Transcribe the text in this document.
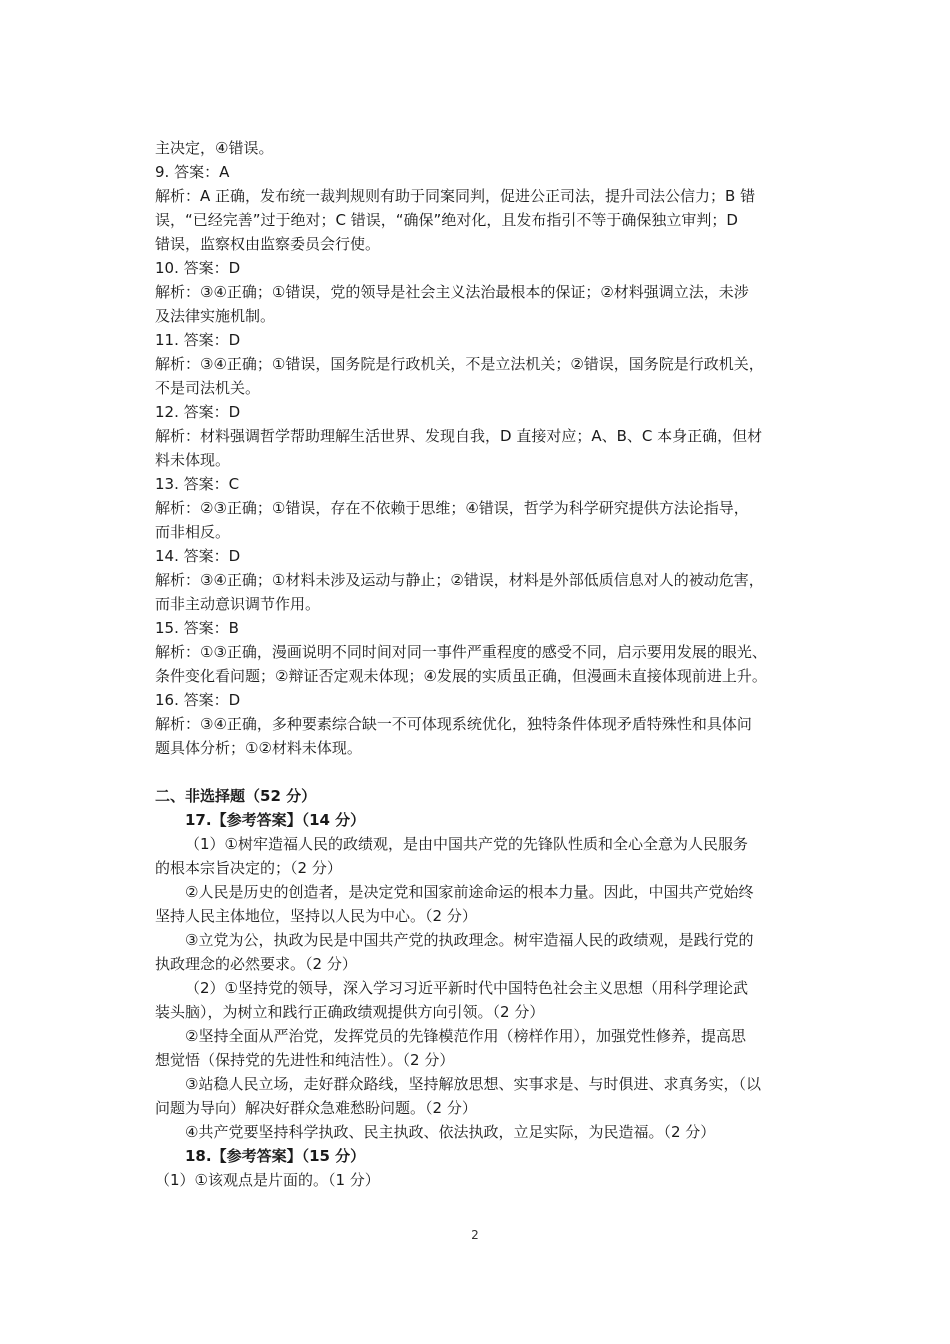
主决定，④错误。
9. 答案：A
解析：A 正确，发布统一裁判规则有助于同案同判，促进公正司法，提升司法公信力；B 错
误，“已经完善”过于绝对；C 错误，“确保”绝对化，且发布指引不等于确保独立审判；D
错误，监察权由监察委员会行使。
10. 答案：D
解析：③④正确；①错误，党的领导是社会主义法治最根本的保证；②材料强调立法，未涉
及法律实施机制。
11. 答案：D
解析：③④正确；①错误，国务院是行政机关，不是立法机关；②错误，国务院是行政机关，
不是司法机关。
12. 答案：D
解析：材料强调哲学帮助理解生活世界、发现自我，D 直接对应；A、B、C 本身正确，但材
料未体现。
13. 答案：C
解析：②③正确；①错误，存在不依赖于思维；④错误，哲学为科学研究提供方法论指导，
而非相反。
14. 答案：D
解析：③④正确；①材料未涉及运动与静止；②错误，材料是外部低质信息对人的被动危害，
而非主动意识调节作用。
15. 答案：B
解析：①③正确，漫画说明不同时间对同一事件严重程度的感受不同，启示要用发展的眼光、
条件变化看问题；②辩证否定观未体现；④发展的实质虽正确，但漫画未直接体现前进上升。
16. 答案：D
解析：③④正确，多种要素综合缺一不可体现系统优化，独特条件体现矛盾特殊性和具体问
题具体分析；①②材料未体现。
二、非选择题（52 分）
17.【参考答案】（14 分）
（1）①树牢造福人民的政绩观，是由中国共产党的先锋队性质和全心全意为人民服务
的根本宗旨决定的；（2 分）
②人民是历史的创造者，是决定党和国家前途命运的根本力量。因此，中国共产党始终
坚持人民主体地位，坚持以人民为中心。（2 分）
③立党为公，执政为民是中国共产党的执政理念。树牢造福人民的政绩观，是践行党的
执政理念的必然要求。（2 分）
（2）①坚持党的领导，深入学习习近平新时代中国特色社会主义思想（用科学理论武
装头脑），为树立和践行正确政绩观提供方向引领。（2 分）
②坚持全面从严治党，发挥党员的先锋模范作用（榜样作用），加强党性修养，提高思
想觉悟（保持党的先进性和纯洁性）。（2 分）
③站稳人民立场，走好群众路线，坚持解放思想、实事求是、与时俱进、求真务实，（以
问题为导向）解决好群众急难愁盼问题。（2 分）
④共产党要坚持科学执政、民主执政、依法执政，立足实际，为民造福。（2 分）
18.【参考答案】（15 分）
（1）①该观点是片面的。（1 分）
2
